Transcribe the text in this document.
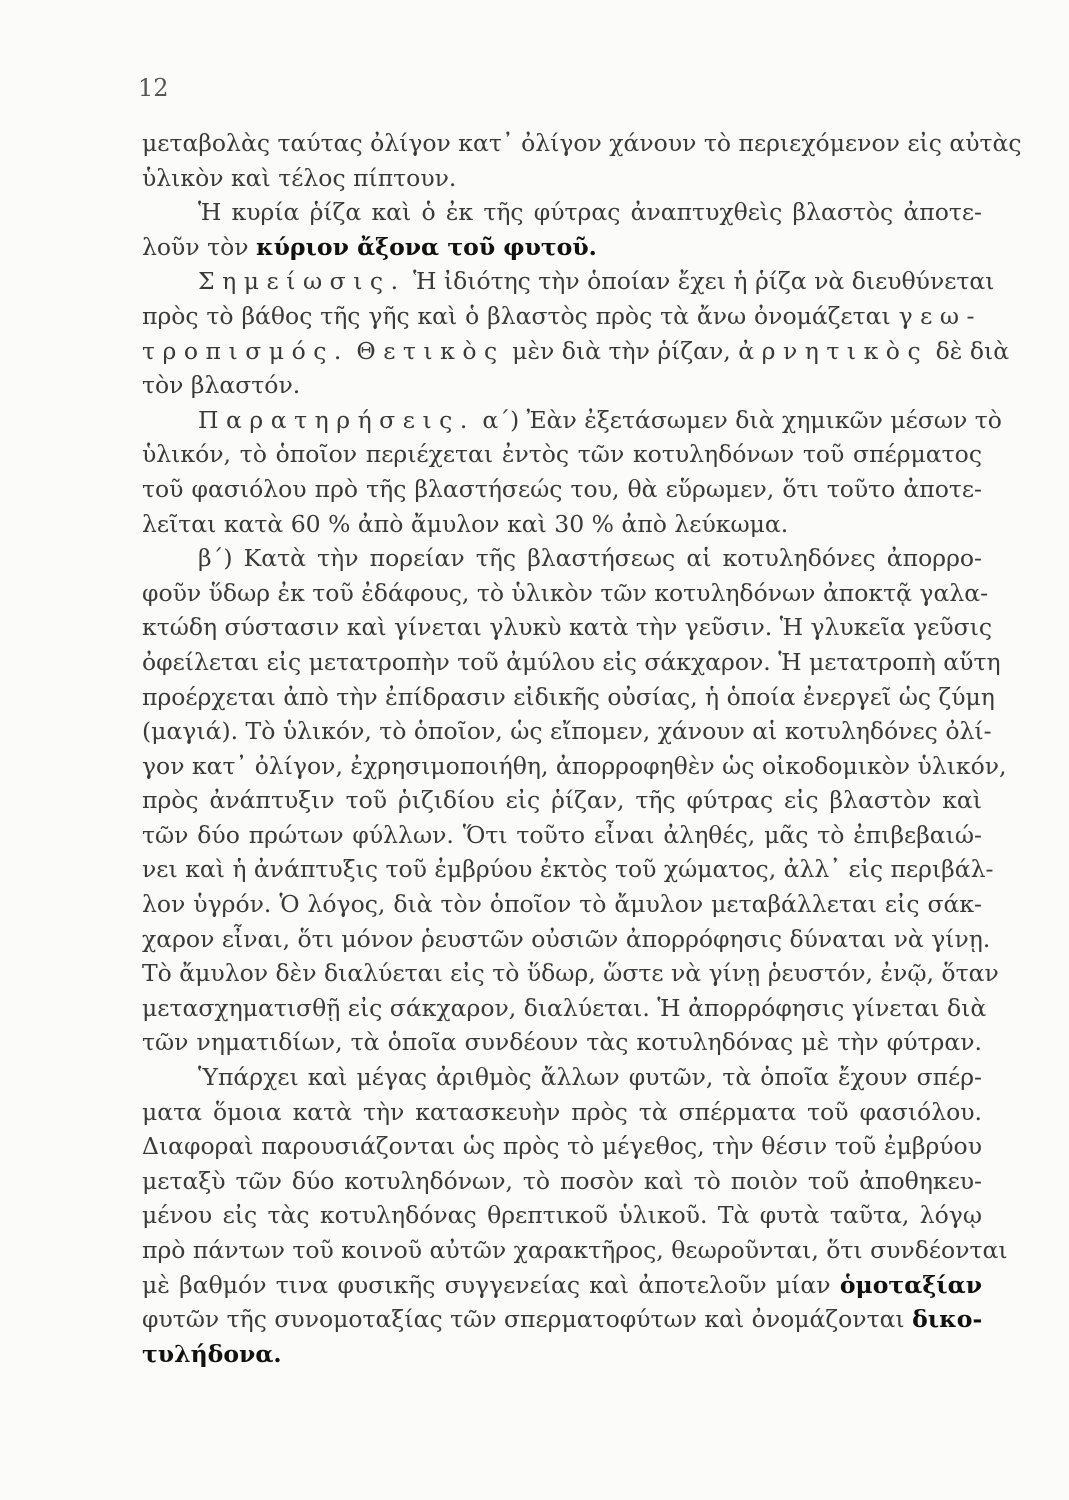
12
μεταβολὰς ταύτας ὀλίγον κατ᾽ ὀλίγον χάνουν τὸ περιεχόμενον εἰς αὐτὰς
ὑλικὸν καὶ τέλος πίπτουν.
Ἡ κυρία ῥίζα καὶ ὁ ἐκ τῆς φύτρας ἀναπτυχθεὶς βλαστὸς ἀποτε-
λοῦν τὸν κύριον ἄξονα τοῦ φυτοῦ.
Σημείωσις. Ἡ ἰδιότης τὴν ὁποίαν ἔχει ἡ ῥίζα νὰ διευθύνεται
πρὸς τὸ βάθος τῆς γῆς καὶ ὁ βλαστὸς πρὸς τὰ ἄνω ὀνομάζεται γεω-
τροπισμός. Θετικὸς μὲν διὰ τὴν ῥίζαν, ἀρνητικὸς δὲ διὰ
τὸν βλαστόν.
Παρατηρήσεις. α΄) Ἐὰν ἐξετάσωμεν διὰ χημικῶν μέσων τὸ
ὑλικόν, τὸ ὁποῖον περιέχεται ἐντὸς τῶν κοτυληδόνων τοῦ σπέρματος
τοῦ φασιόλου πρὸ τῆς βλαστήσεώς του, θὰ εὕρωμεν, ὅτι τοῦτο ἀποτε-
λεῖται κατὰ 60 % ἀπὸ ἄμυλον καὶ 30 % ἀπὸ λεύκωμα.
β΄) Κατὰ τὴν πορείαν τῆς βλαστήσεως αἱ κοτυληδόνες ἀπορρο-
φοῦν ὕδωρ ἐκ τοῦ ἐδάφους, τὸ ὑλικὸν τῶν κοτυληδόνων ἀποκτᾷ γαλα-
κτώδη σύστασιν καὶ γίνεται γλυκὺ κατὰ τὴν γεῦσιν. Ἡ γλυκεῖα γεῦσις
ὀφείλεται εἰς μετατροπὴν τοῦ ἀμύλου εἰς σάκχαρον. Ἡ μετατροπὴ αὕτη
προέρχεται ἀπὸ τὴν ἐπίδρασιν εἰδικῆς οὐσίας, ἡ ὁποία ἐνεργεῖ ὡς ζύμη
(μαγιά). Τὸ ὑλικόν, τὸ ὁποῖον, ὡς εἴπομεν, χάνουν αἱ κοτυληδόνες ὀλί-
γον κατ᾽ ὀλίγον, ἐχρησιμοποιήθη, ἀπορροφηθὲν ὡς οἰκοδομικὸν ὑλικόν,
πρὸς ἀνάπτυξιν τοῦ ῥιζιδίου εἰς ῥίζαν, τῆς φύτρας εἰς βλαστὸν καὶ
τῶν δύο πρώτων φύλλων. Ὅτι τοῦτο εἶναι ἀληθές, μᾶς τὸ ἐπιβεβαιώ-
νει καὶ ἡ ἀνάπτυξις τοῦ ἐμβρύου ἐκτὸς τοῦ χώματος, ἀλλ᾽ εἰς περιβάλ-
λον ὑγρόν. Ὁ λόγος, διὰ τὸν ὁποῖον τὸ ἄμυλον μεταβάλλεται εἰς σάκ-
χαρον εἶναι, ὅτι μόνον ῥευστῶν οὐσιῶν ἀπορρόφησις δύναται νὰ γίνῃ.
Τὸ ἄμυλον δὲν διαλύεται εἰς τὸ ὕδωρ, ὥστε νὰ γίνῃ ῥευστόν, ἐνῷ, ὅταν
μετασχηματισθῇ εἰς σάκχαρον, διαλύεται. Ἡ ἀπορρόφησις γίνεται διὰ
τῶν νηματιδίων, τὰ ὁποῖα συνδέουν τὰς κοτυληδόνας μὲ τὴν φύτραν.
Ὑπάρχει καὶ μέγας ἀριθμὸς ἄλλων φυτῶν, τὰ ὁποῖα ἔχουν σπέρ-
ματα ὅμοια κατὰ τὴν κατασκευὴν πρὸς τὰ σπέρματα τοῦ φασιόλου.
Διαφοραὶ παρουσιάζονται ὡς πρὸς τὸ μέγεθος, τὴν θέσιν τοῦ ἐμβρύου
μεταξὺ τῶν δύο κοτυληδόνων, τὸ ποσὸν καὶ τὸ ποιὸν τοῦ ἀποθηκευ-
μένου εἰς τὰς κοτυληδόνας θρεπτικοῦ ὑλικοῦ. Τὰ φυτὰ ταῦτα, λόγῳ
πρὸ πάντων τοῦ κοινοῦ αὐτῶν χαρακτῆρος, θεωροῦνται, ὅτι συνδέονται
μὲ βαθμόν τινα φυσικῆς συγγενείας καὶ ἀποτελοῦν μίαν ὁμοταξίαν
φυτῶν τῆς συνομοταξίας τῶν σπερματοφύτων καὶ ὀνομάζονται δικο-
τυλήδονα.
